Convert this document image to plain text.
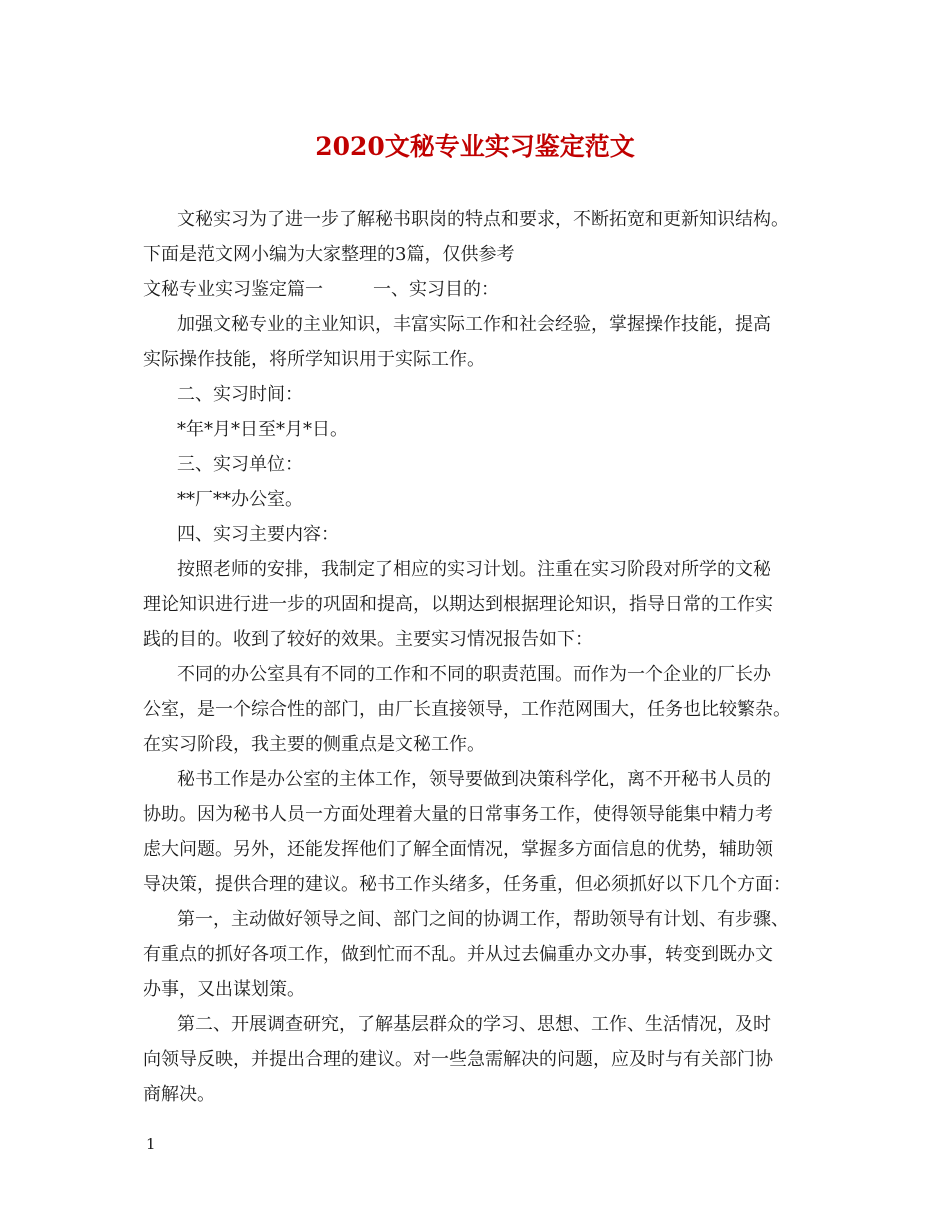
2020文秘专业实习鉴定范文
文秘实习为了进一步了解秘书职岗的特点和要求，不断拓宽和更新知识结构。
下面是范文网小编为大家整理的3篇，仅供参考
文秘专业实习鉴定篇一	一、实习目的：
加强文秘专业的主业知识，丰富实际工作和社会经验，掌握操作技能，提高
实际操作技能，将所学知识用于实际工作。
二、实习时间：
*年*月*日至*月*日。
三、实习单位：
**厂**办公室。
四、实习主要内容：
按照老师的安排，我制定了相应的实习计划。注重在实习阶段对所学的文秘
理论知识进行进一步的巩固和提高，以期达到根据理论知识，指导日常的工作实
践的目的。收到了较好的效果。主要实习情况报告如下：
不同的办公室具有不同的工作和不同的职责范围。而作为一个企业的厂长办
公室，是一个综合性的部门，由厂长直接领导，工作范网围大，任务也比较繁杂。
在实习阶段，我主要的侧重点是文秘工作。
秘书工作是办公室的主体工作，领导要做到决策科学化，离不开秘书人员的
协助。因为秘书人员一方面处理着大量的日常事务工作，使得领导能集中精力考
虑大问题。另外，还能发挥他们了解全面情况，掌握多方面信息的优势，辅助领
导决策，提供合理的建议。秘书工作头绪多，任务重，但必须抓好以下几个方面：
第一，主动做好领导之间、部门之间的协调工作，帮助领导有计划、有步骤、
有重点的抓好各项工作，做到忙而不乱。并从过去偏重办文办事，转变到既办文
办事，又出谋划策。
第二、开展调查研究，了解基层群众的学习、思想、工作、生活情况，及时
向领导反映，并提出合理的建议。对一些急需解决的问题，应及时与有关部门协
商解决。
1
